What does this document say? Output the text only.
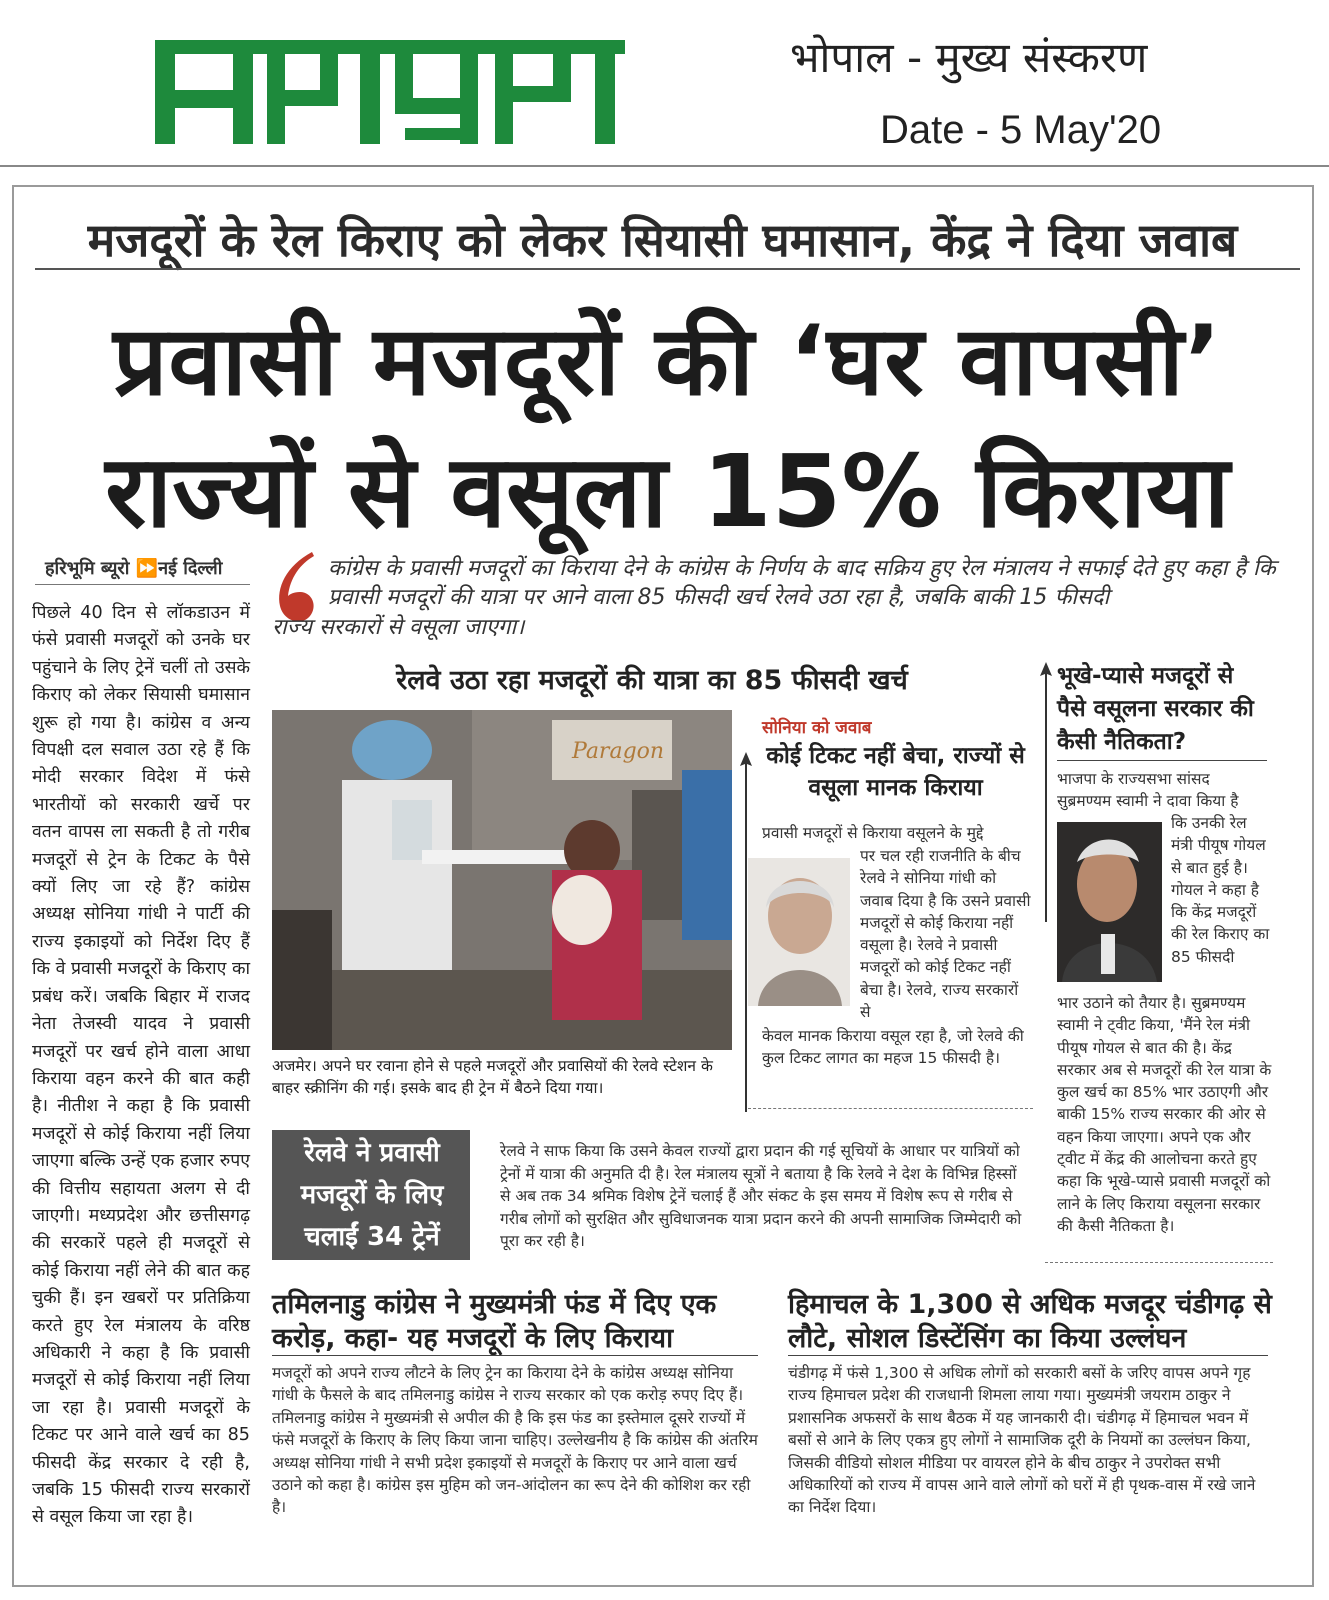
भोपाल - मुख्य संस्करण
Date - 5 May'20
मजदूरों के रेल किराए को लेकर सियासी घमासान, केंद्र ने दिया जवाब
प्रवासी मजदूरों की ‘घर वापसी’
राज्यों से वसूला 15% किराया
हरिभूमि ब्यूरो ⏩नई दिल्ली
पिछले 40 दिन से लॉकडाउन में फंसे प्रवासी मजदूरों को उनके घर पहुंचाने के लिए ट्रेनें चलीं तो उसके किराए को लेकर सियासी घमासान शुरू हो गया है। कांग्रेस व अन्य विपक्षी दल सवाल उठा रहे हैं कि मोदी सरकार विदेश में फंसे भारतीयों को सरकारी खर्चे पर वतन वापस ला सकती है तो गरीब मजदूरों से ट्रेन के टिकट के पैसे क्यों लिए जा रहे हैं? कांग्रेस अध्यक्ष सोनिया गांधी ने पार्टी की राज्य इकाइयों को निर्देश दिए हैं कि वे प्रवासी मजदूरों के किराए का प्रबंध करें। जबकि बिहार में राजद नेता तेजस्वी यादव ने प्रवासी मजदूरों पर खर्च होने वाला आधा किराया वहन करने की बात कही है। नीतीश ने कहा है कि प्रवासी मजदूरों से कोई किराया नहीं लिया जाएगा बल्कि उन्हें एक हजार रुपए की वित्तीय सहायता अलग से दी जाएगी। मध्यप्रदेश और छत्तीसगढ़ की सरकारें पहले ही मजदूरों से कोई किराया नहीं लेने की बात कह चुकी हैं। इन खबरों पर प्रतिक्रिया करते हुए रेल मंत्रालय के वरिष्ठ अधिकारी ने कहा है कि प्रवासी मजदूरों से कोई किराया नहीं लिया जा रहा है। प्रवासी मजदूरों के टिकट पर आने वाले खर्च का 85 फीसदी केंद्र सरकार दे रही है, जबकि 15 फीसदी राज्य सरकारों से वसूल किया जा रहा है।
कांग्रेस के प्रवासी मजदूरों का किराया देने के कांग्रेस के निर्णय के बाद सक्रिय हुए रेल मंत्रालय ने सफाई देते हुए कहा है कि प्रवासी मजदूरों की यात्रा पर आने वाला 85 फीसदी खर्च रेलवे उठा रहा है, जबकि बाकी 15 फीसदी
राज्य सरकारों से वसूला जाएगा।
रेलवे उठा रहा मजदूरों की यात्रा का 85 फीसदी खर्च
Paragon
अजमेर। अपने घर रवाना होने से पहले मजदूरों और प्रवासियों की रेलवे स्टेशन के बाहर स्क्रीनिंग की गई। इसके बाद ही ट्रेन में बैठने दिया गया।
सोनिया को जवाब
कोई टिकट नहीं बेचा, राज्यों से वसूला मानक किराया
प्रवासी मजदूरों से किराया वसूलने के मुद्दे
पर चल रही राजनीति के बीच रेलवे ने सोनिया गांधी को जवाब दिया है कि उसने प्रवासी मजदूरों से कोई किराया नहीं वसूला है। रेलवे ने प्रवासी मजदूरों को कोई टिकट नहीं बेचा है। रेलवे, राज्य सरकारों से
केवल मानक किराया वसूल रहा है, जो रेलवे की कुल टिकट लागत का महज 15 फीसदी है।
भूखे-प्यासे मजदूरों से पैसे वसूलना सरकार की कैसी नैतिकता?
भाजपा के राज्यसभा सांसद सुब्रमण्यम स्वामी ने दावा किया है
कि उनकी रेल मंत्री पीयूष गोयल से बात हुई है। गोयल ने कहा है कि केंद्र मजदूरों की रेल किराए का 85 फीसदी
भार उठाने को तैयार है। सुब्रमण्यम स्वामी ने ट्वीट किया, 'मैंने रेल मंत्री पीयूष गोयल से बात की है। केंद्र सरकार अब से मजदूरों की रेल यात्रा के कुल खर्च का 85% भार उठाएगी और बाकी 15% राज्य सरकार की ओर से वहन किया जाएगा। अपने एक और ट्वीट में केंद्र की आलोचना करते हुए कहा कि भूखे-प्यासे प्रवासी मजदूरों को लाने के लिए किराया वसूलना सरकार की कैसी नैतिकता है।
रेलवे ने प्रवासी मजदूरों के लिए चलाईं 34 ट्रेनें
रेलवे ने साफ किया कि उसने केवल राज्यों द्वारा प्रदान की गई सूचियों के आधार पर यात्रियों को ट्रेनों में यात्रा की अनुमति दी है। रेल मंत्रालय सूत्रों ने बताया है कि रेलवे ने देश के विभिन्न हिस्सों से अब तक 34 श्रमिक विशेष ट्रेनें चलाई हैं और संकट के इस समय में विशेष रूप से गरीब से गरीब लोगों को सुरक्षित और सुविधाजनक यात्रा प्रदान करने की अपनी सामाजिक जिम्मेदारी को पूरा कर रही है।
तमिलनाडु कांग्रेस ने मुख्यमंत्री फंड में दिए एक करोड़, कहा- यह मजदूरों के लिए किराया
मजदूरों को अपने राज्य लौटने के लिए ट्रेन का किराया देने के कांग्रेस अध्यक्ष सोनिया गांधी के फैसले के बाद तमिलनाडु कांग्रेस ने राज्य सरकार को एक करोड़ रुपए दिए हैं। तमिलनाडु कांग्रेस ने मुख्यमंत्री से अपील की है कि इस फंड का इस्तेमाल दूसरे राज्यों में फंसे मजदूरों के किराए के लिए किया जाना चाहिए। उल्लेखनीय है कि कांग्रेस की अंतरिम अध्यक्ष सोनिया गांधी ने सभी प्रदेश इकाइयों से मजदूरों के किराए पर आने वाला खर्च उठाने को कहा है। कांग्रेस इस मुहिम को जन-आंदोलन का रूप देने की कोशिश कर रही है।
हिमाचल के 1,300 से अधिक मजदूर चंडीगढ़ से लौटे, सोशल डिस्टेंसिंग का किया उल्लंघन
चंडीगढ़ में फंसे 1,300 से अधिक लोगों को सरकारी बसों के जरिए वापस अपने गृह राज्य हिमाचल प्रदेश की राजधानी शिमला लाया गया। मुख्यमंत्री जयराम ठाकुर ने प्रशासनिक अफसरों के साथ बैठक में यह जानकारी दी। चंडीगढ़ में हिमाचल भवन में बसों से आने के लिए एकत्र हुए लोगों ने सामाजिक दूरी के नियमों का उल्लंघन किया, जिसकी वीडियो सोशल मीडिया पर वायरल होने के बीच ठाकुर ने उपरोक्त सभी अधिकारियों को राज्य में वापस आने वाले लोगों को घरों में ही पृथक-वास में रखे जाने का निर्देश दिया।
